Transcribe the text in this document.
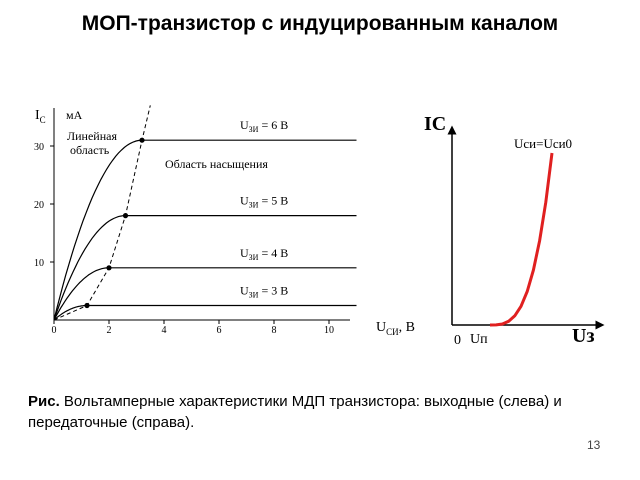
МОП-транзистор с индуцированным каналом
0	2	4	6	8	10
10
20
30
$I_С$ мА
$U_{СИ}$, В
Линейная область
Область насыщения
$U_{ЗИ} = 3$ В
$U_{ЗИ} = 4$ В
$U_{ЗИ} = 5$ В
$U_{ЗИ} = 6$ В	IС
Uз
0 Uп
Uси=Uси0
Рис. Вольтамперные характеристики МДП транзистора: выходные (слева) и передаточные (справа).
13
